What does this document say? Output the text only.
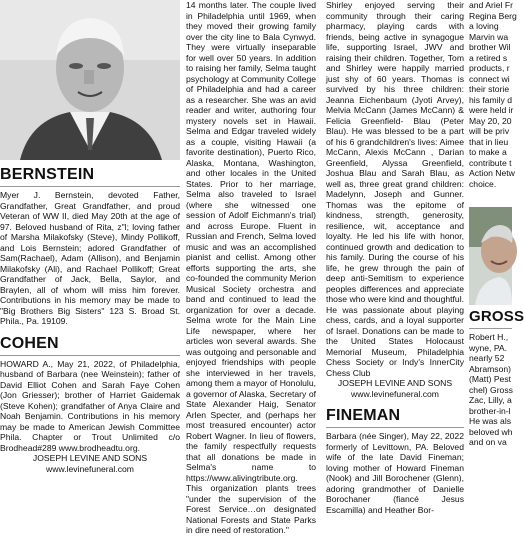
BERNSTEIN

Myer J. Bernstein, devoted Father, Grandfather, Great Grandfather, and proud Veteran of WW II, died May 20th at the age of 97. Beloved husband of Rita, z"l; loving father of Marsha Milakofsky (Steve), Mindy Pollikoff, and Lois Bernstein; adored Grandfather of Sam(Rachael), Adam (Allison), and Benjamin Milakofsky (Ali), and Rachael Pollikoff; Great Grandfather of Jack, Bella, Saylor, and Braylen, all of whom will miss him forever. Contributions in his memory may be made to "Big Brothers Big Sisters" 123 S. Broad St. Phila., Pa. 19109.

COHEN

HOWARD A., May 21, 2022, of Philadelphia, husband of Barbara (nee Weinstein); father of David Elliot Cohen and Sarah Faye Cohen (Jon Griesser); brother of Harriet Gaidemak (Steve Kohen); grandfather of Anya Claire and Noah Benjamin. Contributions in his memory may be made to American Jewish Committee Phila. Chapter or Trout Unlimited c/o Brodhead#289 www.brodheadtu.org.

JOSEPH LEVINE AND SONS

www.levinefuneral.com

14 months later. The couple lived in Philadelphia until 1969, when they moved their growing family over the city line to Bala Cynwyd. They were virtually inseparable for well over 50 years. In addition to raising her family, Selma taught psychology at Community College of Philadelphia and had a career as a researcher. She was an avid reader and writer, authoring four mystery novels set in Hawaii. Selma and Edgar traveled widely as a couple, visiting Hawaii (a favorite destination), Puerto Rico, Alaska, Montana, Washington, and other locales in the United States. Prior to her marriage, Selma also traveled to Israel (where she witnessed one session of Adolf Eichmann's trial) and across Europe. Fluent in Russian and French, Selma loved music and was an accomplished pianist and cellist. Among other efforts supporting the arts, she co-founded the community Merion Musical Society orchestra and band and continued to lead the organization for over a decade. Selma wrote for the Main Line Life newspaper, where her articles won several awards. She was outgoing and personable and enjoyed friendships with people she interviewed in her travels, among them a mayor of Honolulu, a governor of Alaska, Secretary of State Alexander Haig, Senator Arlen Specter, and (perhaps her most treasured encounter) actor Robert Wagner. In lieu of flowers, the family respectfully requests that all donations be made in Selma's name to https://www.alivingtribute.org. This organization plants trees "under the supervision of the Forest Service…on designated National Forests and State Parks in dire need of restoration."

Shirley enjoyed serving their community through their caring pharmacy, playing cards with friends, being active in synagogue life, supporting Israel, JWV and raising their children. Together, Tom and Shirley were happily married just shy of 60 years. Thomas is survived by his three children: Jeanna Eichenbaum (Jyoti Arvey), Melvia McCann (James McCann) & Felicia Greenfield- Blau (Peter Blau). He was blessed to be a part of his 6 grandchildren's lives: Aimee McCann, Alexis McCann , Darian Greenfield, Alyssa Greenfield, Joshua Blau and Sarah Blau, as well as, three great grand children: Madelynn, Joseph and Gunner. Thomas was the epitome of kindness, strength, generosity, resilience, wit, acceptance and loyalty. He led his life with honor, continued growth and dedication to his family. During the course of his life, he grew through the pain of deep anti-Semitism to experience peoples differences and appreciate those who were kind and thoughtful. He was passionate about playing chess, cards, and a loyal supporter of Israel. Donations can be made to the United States Holocaust Memorial Museum, Philadelphia Chess Society or Indy's InnerCity Chess Club

JOSEPH LEVINE AND SONS

www.levinefuneral.com

FINEMAN

Barbara (née Singer), May 22, 2022 formerly of Levittown, PA. Beloved wife of the late David Fineman; loving mother of Howard Fineman (Nook) and Jill Borochener (Glenn), adoring grandmother of Danielle Borochaner (fiancé Jesus Escamilla) and Heather Bor-

and Ariel Fr
Regina Berg
a loving
Marvin wa
brother Wil
a retired s
products, r
connect wi
their storie
his family d
were held ir
May 20, 20
will be priv
that in lieu
to make a
contribute t
Action Netw
choice.
GROSS
Robert H.,
wyne, PA.
nearly 52
Abramson)
(Matt) Pest
chel) Gross
Zac, Lilly, a
brother-in-l
He was als
beloved wh
and on va
